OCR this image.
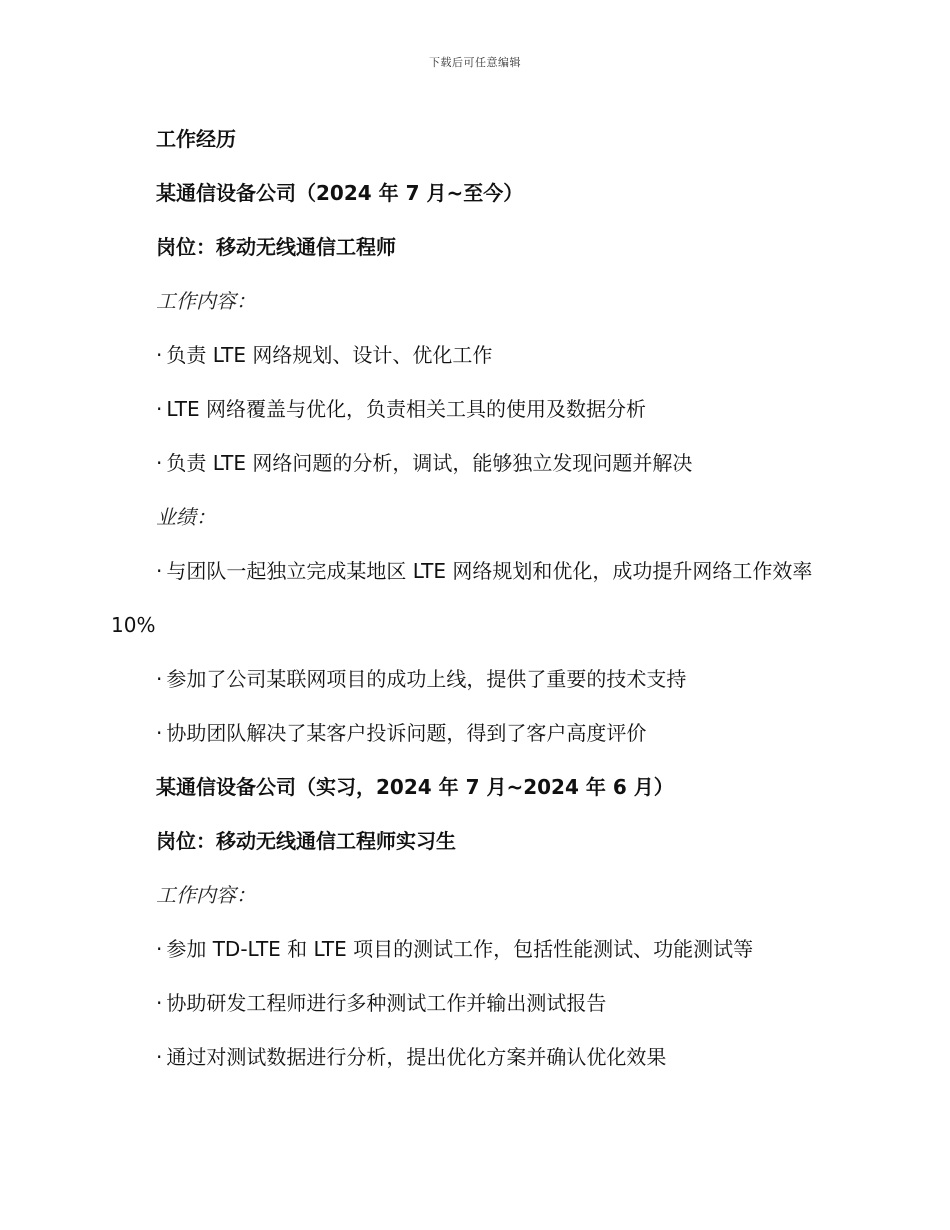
下载后可任意编辑
工作经历
某通信设备公司（2024 年 7 月~至今）
岗位：移动无线通信工程师
工作内容：
· 负责 LTE 网络规划、设计、优化工作
· LTE 网络覆盖与优化，负责相关工具的使用及数据分析
· 负责 LTE 网络问题的分析，调试，能够独立发现问题并解决
业绩：
· 与团队一起独立完成某地区 LTE 网络规划和优化，成功提升网络工作效率 10%
· 参加了公司某联网项目的成功上线，提供了重要的技术支持
· 协助团队解决了某客户投诉问题，得到了客户高度评价
某通信设备公司（实习，2024 年 7 月~2024 年 6 月）
岗位：移动无线通信工程师实习生
工作内容：
· 参加 TD-LTE 和 LTE 项目的测试工作，包括性能测试、功能测试等
· 协助研发工程师进行多种测试工作并输出测试报告
· 通过对测试数据进行分析，提出优化方案并确认优化效果
